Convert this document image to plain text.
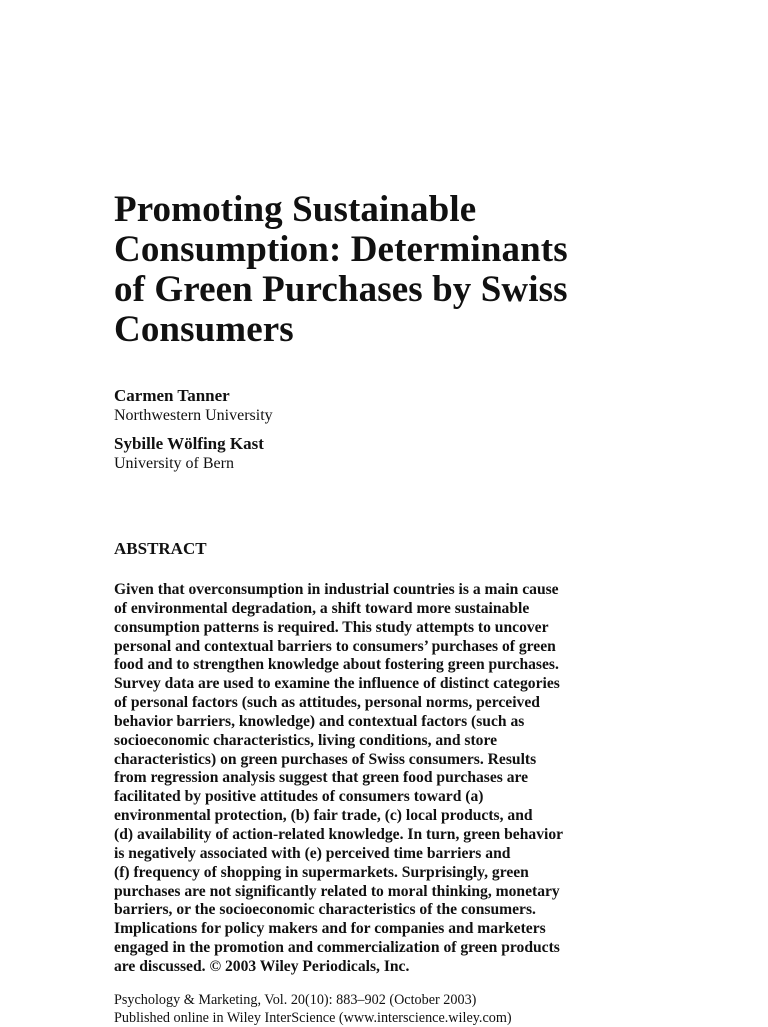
Promoting Sustainable
Consumption: Determinants
of Green Purchases by Swiss
Consumers
Carmen Tanner
Northwestern University
Sybille Wölfing Kast
University of Bern
ABSTRACT
Given that overconsumption in industrial countries is a main cause
of environmental degradation, a shift toward more sustainable
consumption patterns is required. This study attempts to uncover
personal and contextual barriers to consumers’ purchases of green
food and to strengthen knowledge about fostering green purchases.
Survey data are used to examine the influence of distinct categories
of personal factors (such as attitudes, personal norms, perceived
behavior barriers, knowledge) and contextual factors (such as
socioeconomic characteristics, living conditions, and store
characteristics) on green purchases of Swiss consumers. Results
from regression analysis suggest that green food purchases are
facilitated by positive attitudes of consumers toward (a)
environmental protection, (b) fair trade, (c) local products, and
(d) availability of action-related knowledge. In turn, green behavior
is negatively associated with (e) perceived time barriers and
(f) frequency of shopping in supermarkets. Surprisingly, green
purchases are not significantly related to moral thinking, monetary
barriers, or the socioeconomic characteristics of the consumers.
Implications for policy makers and for companies and marketers
engaged in the promotion and commercialization of green products
are discussed. © 2003 Wiley Periodicals, Inc.
Psychology & Marketing, Vol. 20(10): 883–902 (October 2003)
Published online in Wiley InterScience (www.interscience.wiley.com)
